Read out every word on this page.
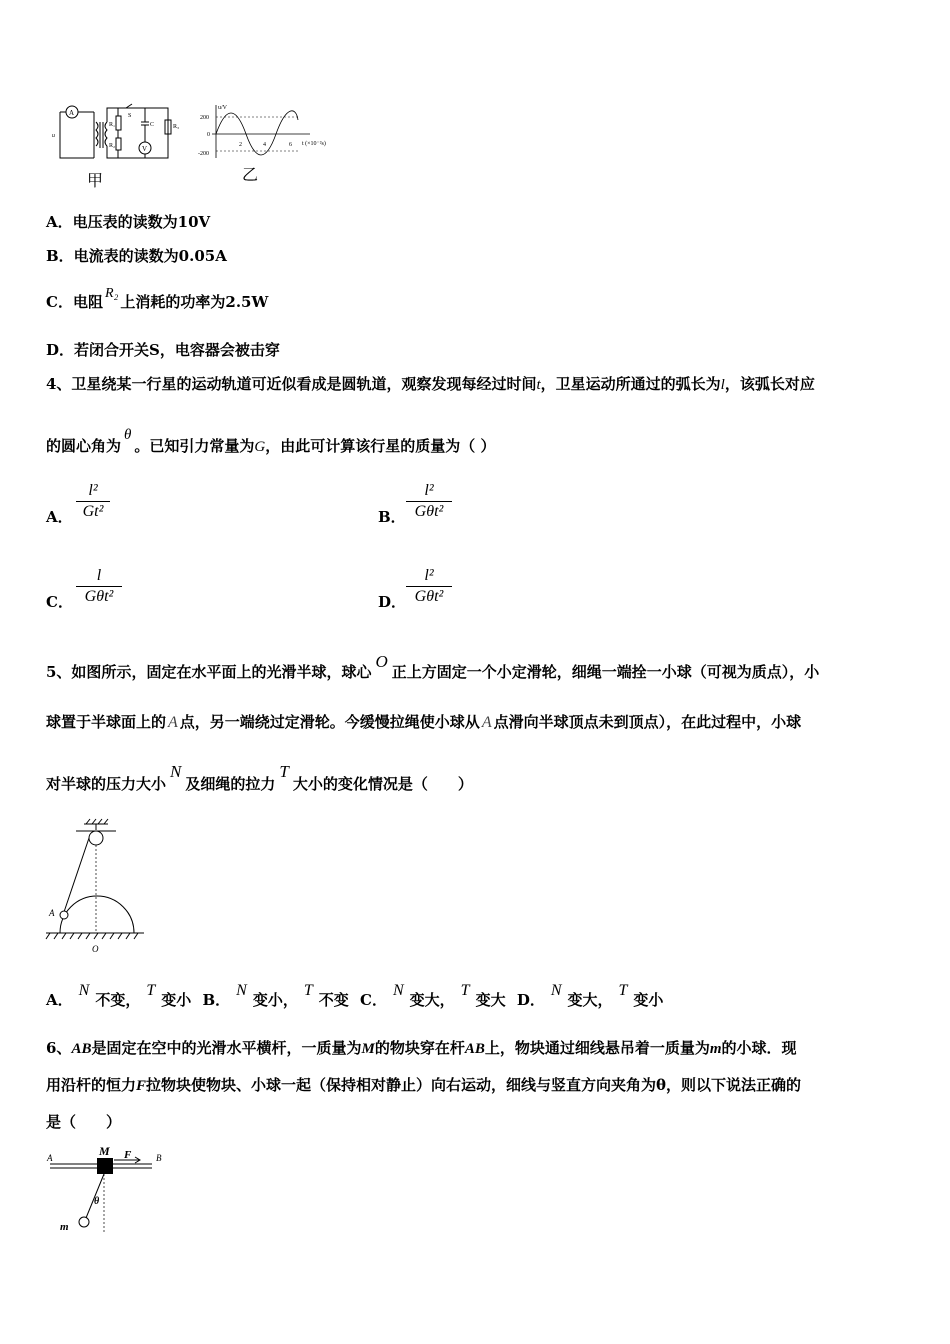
A
V
u
R₁
R₂
R₃
S
C
甲
u/V
200
0
-200
2	4	6 t (×10⁻²s)
乙
A．电压表的读数为10V
B．电流表的读数为0.05A
C．电阻 R₂ 上消耗的功率为2.5W
D．若闭合开关S，电容器会被击穿
4、卫星绕某一行星的运动轨道可近似看成是圆轨道，观察发现每经过时间t，卫星运动所通过的弧长为l，该弧长对应
的圆心角为θ。已知引力常量为G，由此可计算该行星的质量为（ ）
A．
l²
Gt²	B．
l²
Gθt²
C．
l
Gθt²	D．
l²
Gθt²
5、如图所示，固定在水平面上的光滑半球，球心O正上方固定一个小定滑轮，细绳一端拴一小球（可视为质点），小
球置于半球面上的 A 点，另一端绕过定滑轮。今缓慢拉绳使小球从 A 点滑向半球顶点未到顶点），在此过程中，小球
对半球的压力大小N及细绳的拉力T大小的变化情况是（　　）
A
O
A．N不变，T变小 B．N变小，T不变 C．N变大，T变大 D．N变大，T变小
6、AB是固定在空中的光滑水平横杆，一质量为M的物块穿在杆AB上，物块通过细线悬吊着一质量为m的小球．现
用沿杆的恒力F拉物块使物块、小球一起（保持相对静止）向右运动，细线与竖直方向夹角为θ，则以下说法正确的
是（　　）
A	B
M F
θ
m
